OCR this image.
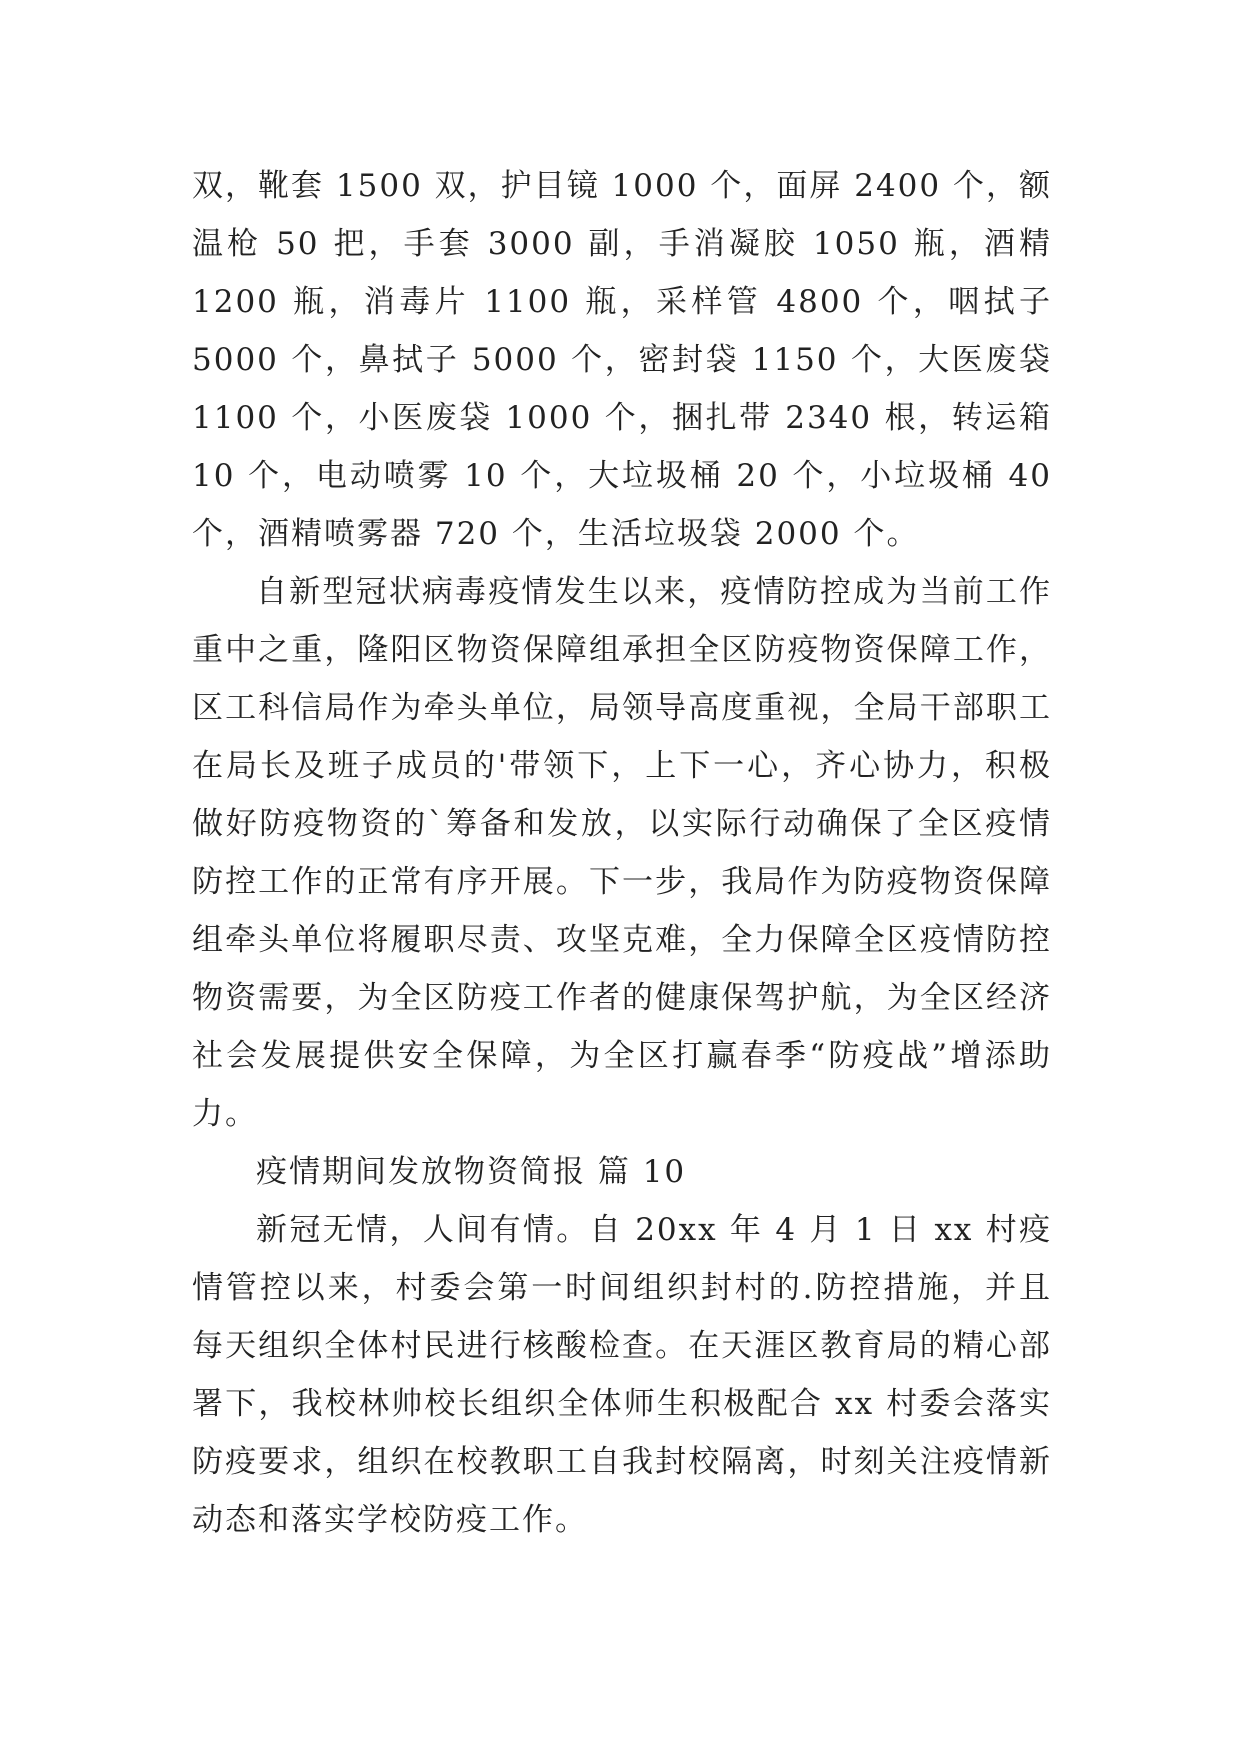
双，靴套 1500 双，护目镜 1000 个，面屏 2400 个，额温枪 50 把，手套 3000 副，手消凝胶 1050 瓶，酒精 1200 瓶，消毒片 1100 瓶，采样管 4800 个，咽拭子 5000 个，鼻拭子 5000 个，密封袋 1150 个，大医废袋 1100 个，小医废袋 1000 个，捆扎带 2340 根，转运箱 10 个，电动喷雾 10 个，大垃圾桶 20 个，小垃圾桶 40 个，酒精喷雾器 720 个，生活垃圾袋 2000 个。

自新型冠状病毒疫情发生以来，疫情防控成为当前工作重中之重，隆阳区物资保障组承担全区防疫物资保障工作，区工科信局作为牵头单位，局领导高度重视，全局干部职工在局长及班子成员的'带领下，上下一心，齐心协力，积极做好防疫物资的`筹备和发放，以实际行动确保了全区疫情防控工作的正常有序开展。下一步，我局作为防疫物资保障组牵头单位将履职尽责、攻坚克难，全力保障全区疫情防控物资需要，为全区防疫工作者的健康保驾护航，为全区经济社会发展提供安全保障，为全区打赢春季“防疫战”增添助力。

疫情期间发放物资简报 篇 10

新冠无情，人间有情。自 20xx 年 4 月 1 日 xx 村疫情管控以来，村委会第一时间组织封村的.防控措施，并且每天组织全体村民进行核酸检查。在天涯区教育局的精心部署下，我校林帅校长组织全体师生积极配合 xx 村委会落实防疫要求，组织在校教职工自我封校隔离，时刻关注疫情新动态和落实学校防疫工作。
